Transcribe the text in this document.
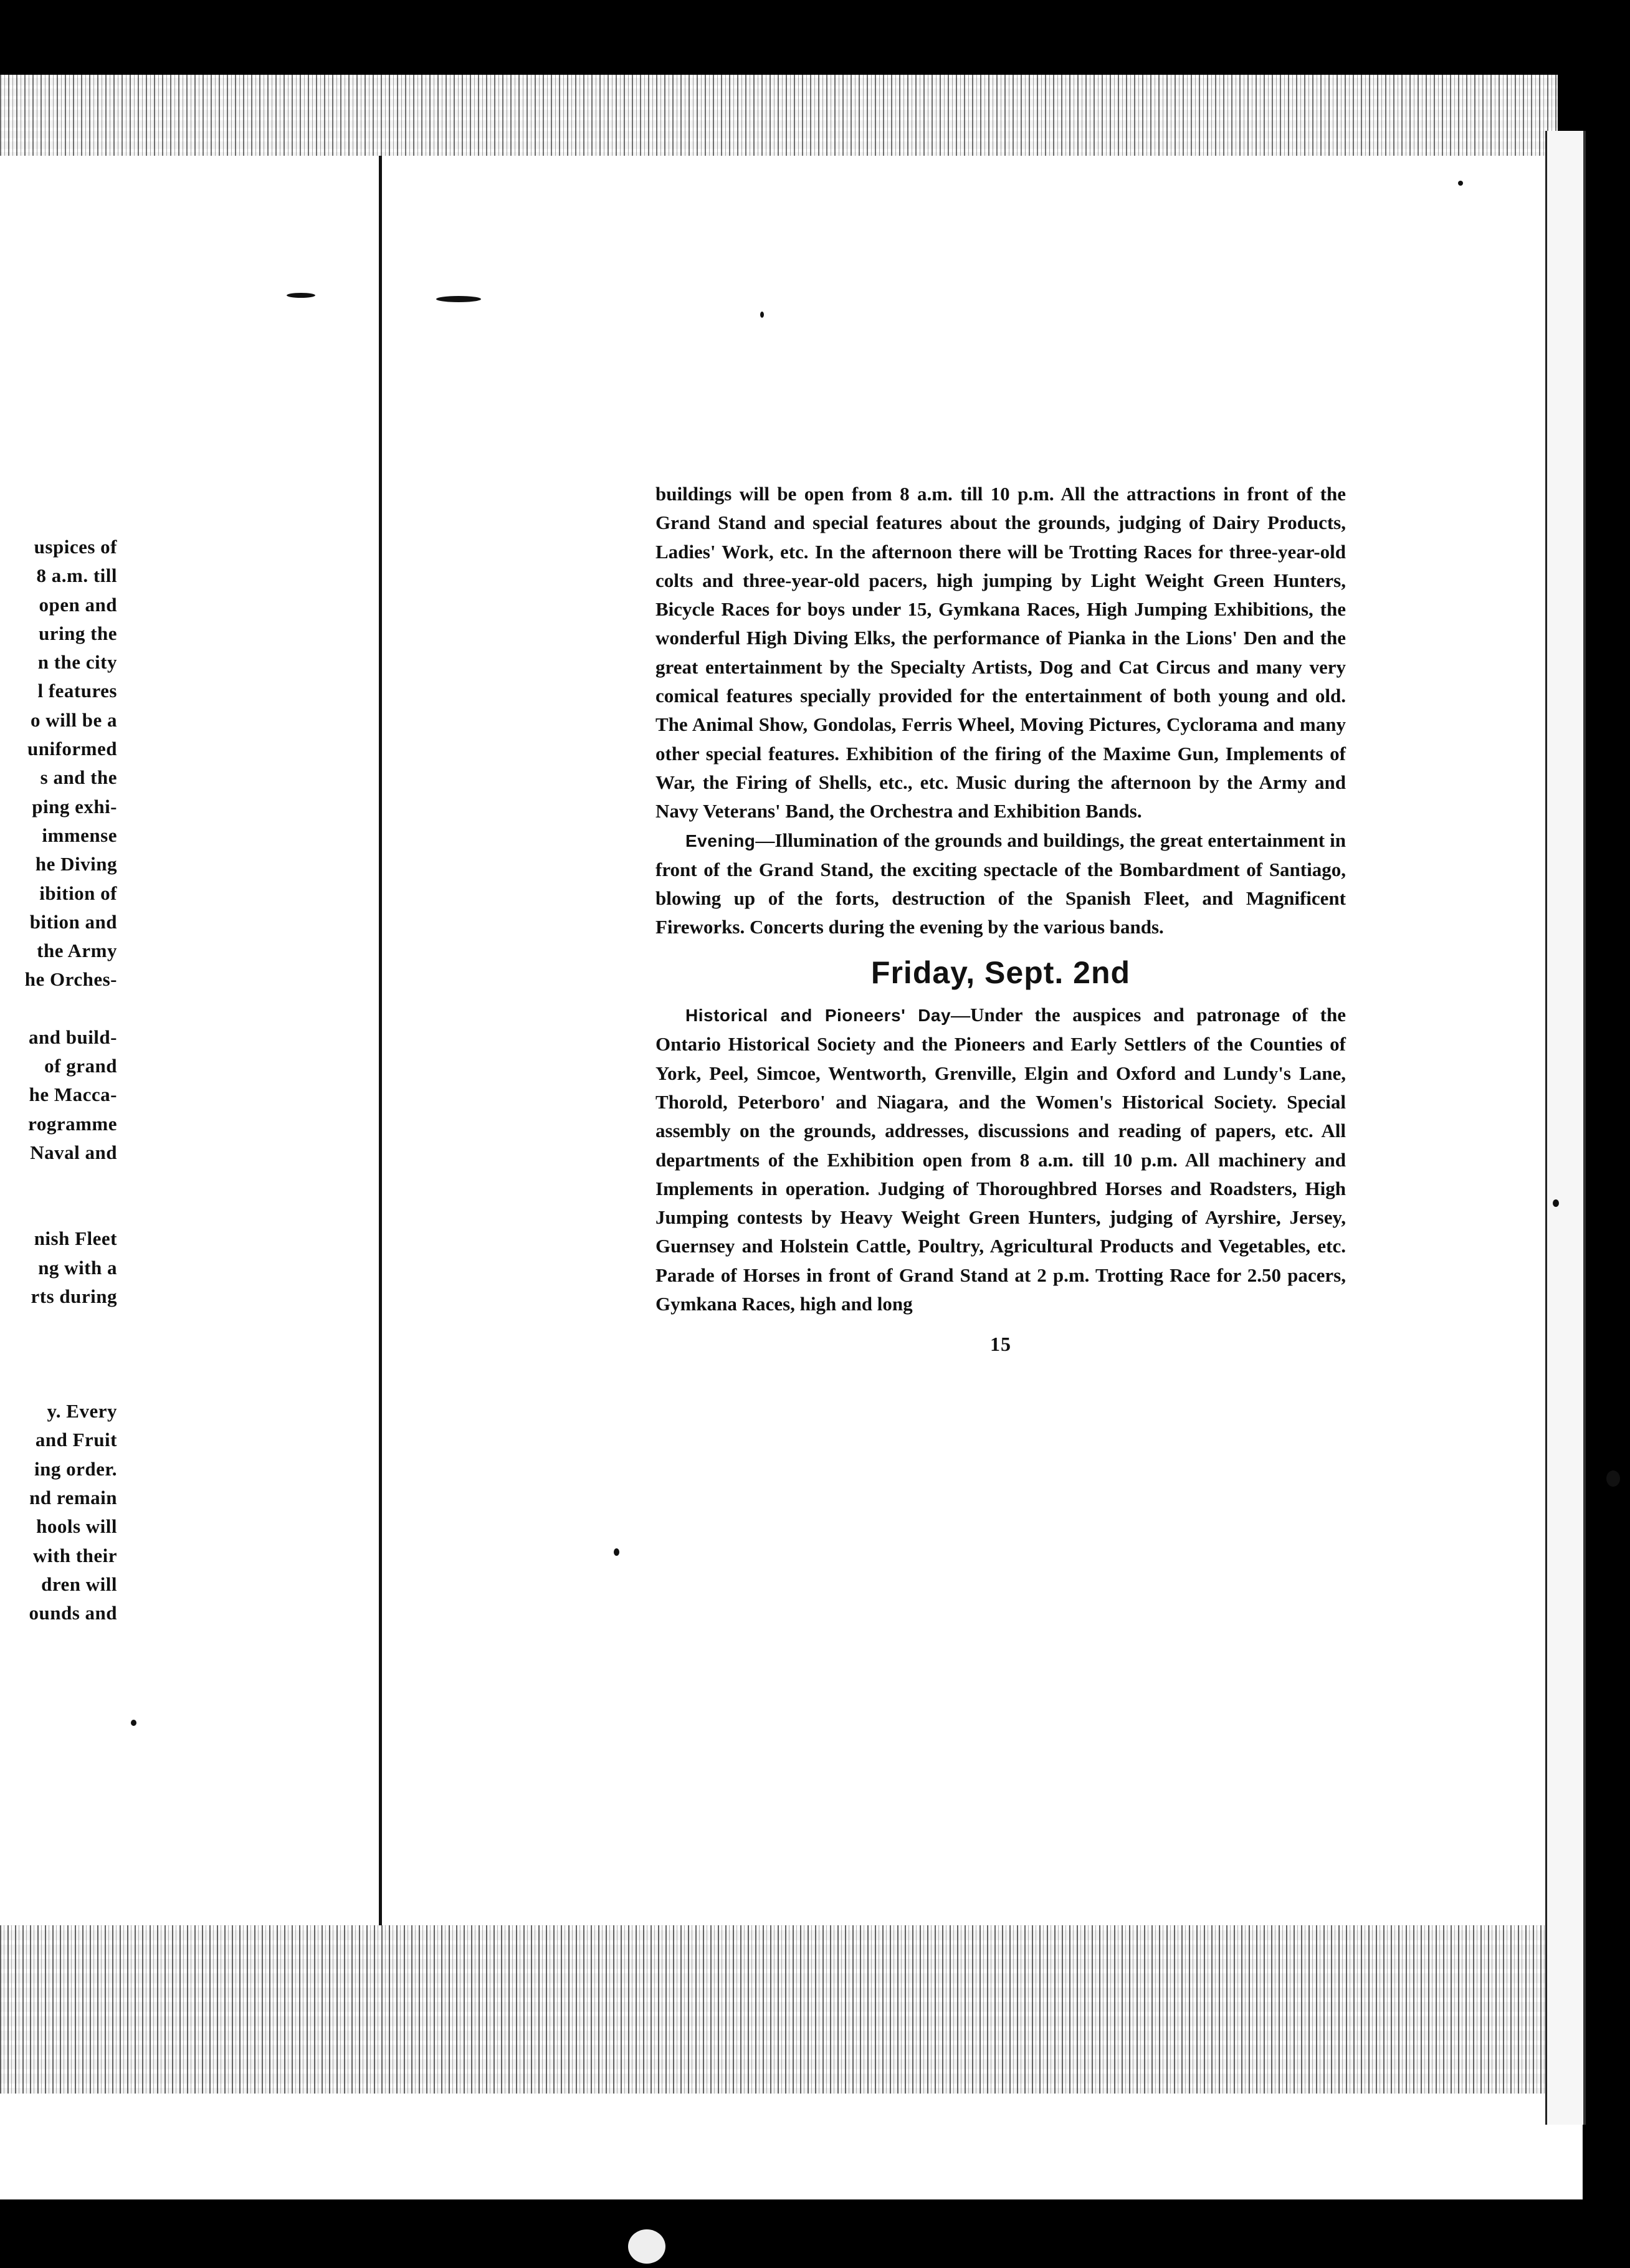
uspices of
8 a.m. till
open and
uring the
n the city
l features
o will be a
uniformed
s and the
ping exhi-
immense
he Diving
ibition of
bition and
the Army
he Orches-
and build-
of grand
he Macca-
rogramme
Naval and
nish Fleet
ng with a
rts during
y. Every
and Fruit
ing order.
nd remain
hools will
with their
dren will
ounds and

buildings will be open from 8 a.m. till 10 p.m. All the attractions in front of the Grand Stand and special features about the grounds, judging of Dairy Products, Ladies' Work, etc. In the afternoon there will be Trotting Races for three-year-old colts and three-year-old pacers, high jumping by Light Weight Green Hunters, Bicycle Races for boys under 15, Gymkana Races, High Jumping Exhibitions, the wonderful High Diving Elks, the performance of Pianka in the Lions' Den and the great entertainment by the Specialty Artists, Dog and Cat Circus and many very comical features specially provided for the entertainment of both young and old. The Animal Show, Gondolas, Ferris Wheel, Moving Pictures, Cyclorama and many other special features. Exhibition of the firing of the Maxime Gun, Implements of War, the Firing of Shells, etc., etc. Music during the afternoon by the Army and Navy Veterans' Band, the Orchestra and Exhibition Bands.

Evening—Illumination of the grounds and buildings, the great entertainment in front of the Grand Stand, the exciting spectacle of the Bombardment of Santiago, blowing up of the forts, destruction of the Spanish Fleet, and Magnificent Fireworks. Concerts during the evening by the various bands.

Friday, Sept. 2nd

Historical and Pioneers' Day—Under the auspices and patronage of the Ontario Historical Society and the Pioneers and Early Settlers of the Counties of York, Peel, Simcoe, Wentworth, Grenville, Elgin and Oxford and Lundy's Lane, Thorold, Peterboro' and Niagara, and the Women's Historical Society. Special assembly on the grounds, addresses, discussions and reading of papers, etc. All departments of the Exhibition open from 8 a.m. till 10 p.m. All machinery and Implements in operation. Judging of Thoroughbred Horses and Roadsters, High Jumping contests by Heavy Weight Green Hunters, judging of Ayrshire, Jersey, Guernsey and Holstein Cattle, Poultry, Agricultural Products and Vegetables, etc. Parade of Horses in front of Grand Stand at 2 p.m. Trotting Race for 2.50 pacers, Gymkana Races, high and long

15
